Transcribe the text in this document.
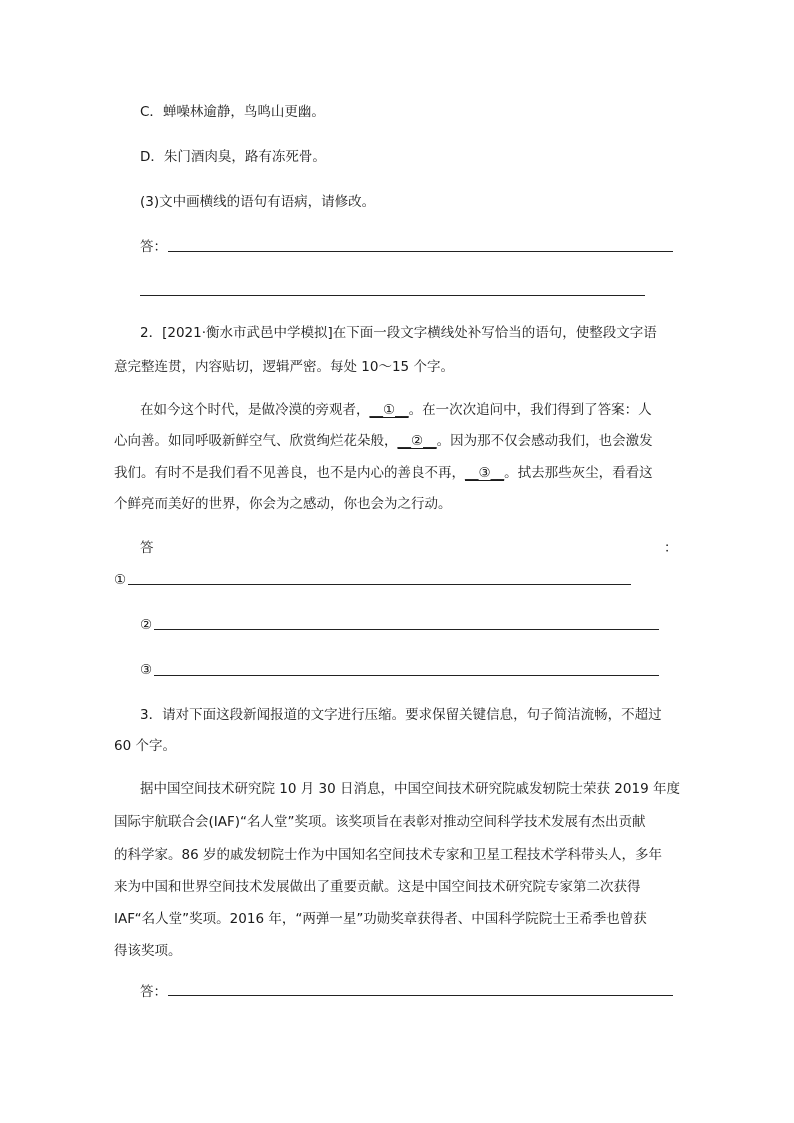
C．蝉噪林逾静，鸟鸣山更幽。
D．朱门酒肉臭，路有冻死骨。
(3)文中画横线的语句有语病，请修改。
答：
2．[2021·衡水市武邑中学模拟]在下面一段文字横线处补写恰当的语句，使整段文字语
意完整连贯，内容贴切，逻辑严密。每处 10～15 个字。
在如今这个时代，是做冷漠的旁观者，__①__。在一次次追问中，我们得到了答案：人
心向善。如同呼吸新鲜空气、欣赏绚烂花朵般，__②__。因为那不仅会感动我们，也会激发
我们。有时不是我们看不见善良，也不是内心的善良不再，__③__。拭去那些灰尘，看看这
个鲜亮而美好的世界，你会为之感动，你也会为之行动。
答	：
①
②
③
3．请对下面这段新闻报道的文字进行压缩。要求保留关键信息，句子简洁流畅，不超过
60 个字。
据中国空间技术研究院 10 月 30 日消息，中国空间技术研究院戚发轫院士荣获 2019 年度
国际宇航联合会(IAF)“名人堂”奖项。该奖项旨在表彰对推动空间科学技术发展有杰出贡献
的科学家。86 岁的戚发轫院士作为中国知名空间技术专家和卫星工程技术学科带头人，多年
来为中国和世界空间技术发展做出了重要贡献。这是中国空间技术研究院专家第二次获得
IAF“名人堂”奖项。2016 年，“两弹一星”功勋奖章获得者、中国科学院院士王希季也曾获
得该奖项。
答：
